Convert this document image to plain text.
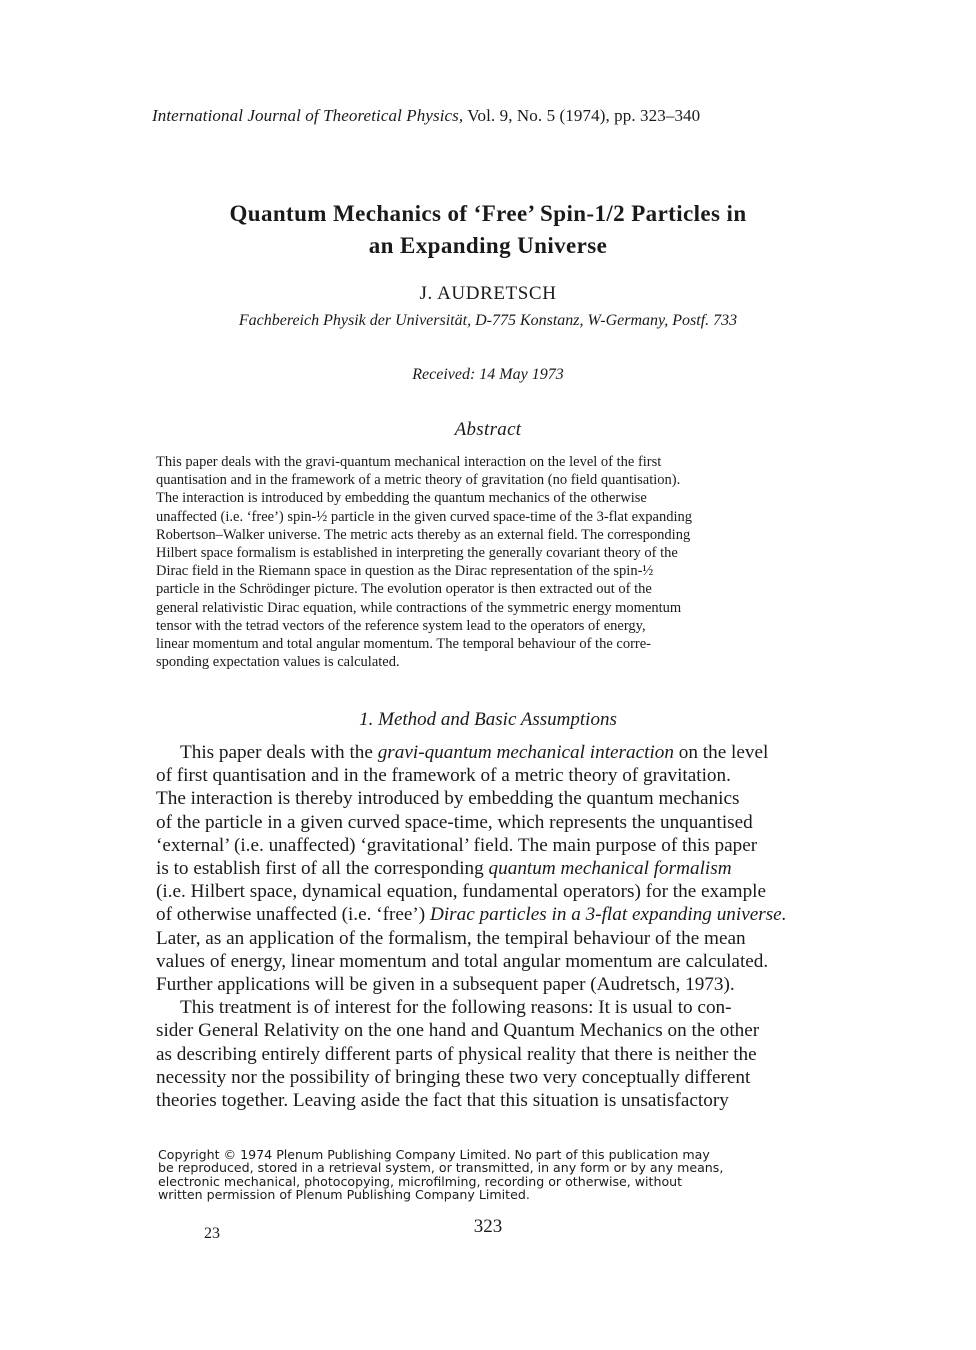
International Journal of Theoretical Physics, Vol. 9, No. 5 (1974), pp. 323–340
Quantum Mechanics of ‘Free’ Spin-1/2 Particles in
an Expanding Universe
J. AUDRETSCH
Fachbereich Physik der Universität, D-775 Konstanz, W-Germany, Postf. 733
Received: 14 May 1973
Abstract
This paper deals with the gravi-quantum mechanical interaction on the level of the first
quantisation and in the framework of a metric theory of gravitation (no field quantisation).
The interaction is introduced by embedding the quantum mechanics of the otherwise
unaffected (i.e. ‘free’) spin-½ particle in the given curved space-time of the 3-flat expanding
Robertson–Walker universe. The metric acts thereby as an external field. The corresponding
Hilbert space formalism is established in interpreting the generally covariant theory of the
Dirac field in the Riemann space in question as the Dirac representation of the spin-½
particle in the Schrödinger picture. The evolution operator is then extracted out of the
general relativistic Dirac equation, while contractions of the symmetric energy momentum
tensor with the tetrad vectors of the reference system lead to the operators of energy,
linear momentum and total angular momentum. The temporal behaviour of the corre-
sponding expectation values is calculated.
1. Method and Basic Assumptions
This paper deals with the gravi-quantum mechanical interaction on the level
of first quantisation and in the framework of a metric theory of gravitation.
The interaction is thereby introduced by embedding the quantum mechanics
of the particle in a given curved space-time, which represents the unquantised
‘external’ (i.e. unaffected) ‘gravitational’ field. The main purpose of this paper
is to establish first of all the corresponding quantum mechanical formalism
(i.e. Hilbert space, dynamical equation, fundamental operators) for the example
of otherwise unaffected (i.e. ‘free’) Dirac particles in a 3-flat expanding universe.
Later, as an application of the formalism, the tempiral behaviour of the mean
values of energy, linear momentum and total angular momentum are calculated.
Further applications will be given in a subsequent paper (Audretsch, 1973).
This treatment is of interest for the following reasons: It is usual to con-
sider General Relativity on the one hand and Quantum Mechanics on the other
as describing entirely different parts of physical reality that there is neither the
necessity nor the possibility of bringing these two very conceptually different
theories together. Leaving aside the fact that this situation is unsatisfactory
Copyright © 1974 Plenum Publishing Company Limited. No part of this publication may
be reproduced, stored in a retrieval system, or transmitted, in any form or by any means,
electronic mechanical, photocopying, microfilming, recording or otherwise, without
written permission of Plenum Publishing Company Limited.
23	323
